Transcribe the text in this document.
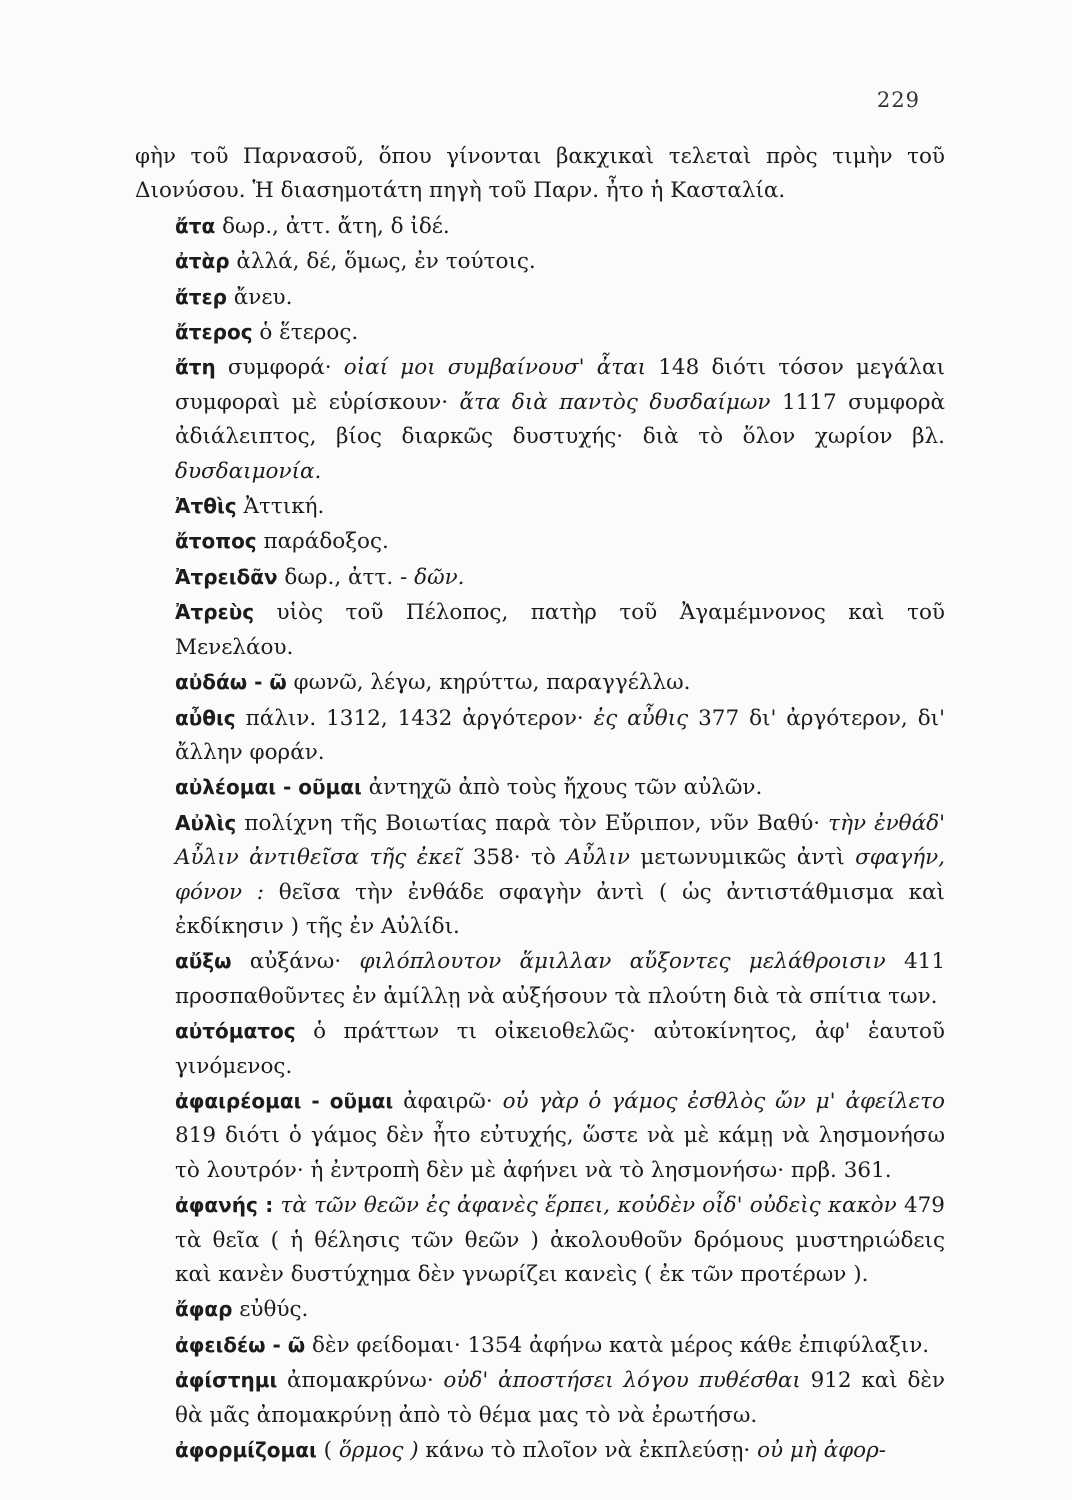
229

φὴν τοῦ Παρνασοῦ, ὅπου γίνονται βακχικαὶ τελεταὶ πρὸς τιμὴν τοῦ Διονύσου. Ἡ διασημοτάτη πηγὴ τοῦ Παρν. ἦτο ἡ Κασταλία.

ἄτα δωρ., ἀττ. ἄτη, δ ἰδέ.

ἀτὰρ ἀλλά, δέ, ὅμως, ἐν τούτοις.

ἄτερ ἄνευ.

ἄτερος ὁ ἕτερος.

ἄτη συμφορά· οἰαί μοι συμβαίνουσ' ἆται 148 διότι τόσον μεγάλαι συμφοραὶ μὲ εὑρίσκουν· ἄτα διὰ παντὸς δυσδαίμων 1117 συμφορὰ ἀδιάλειπτος, βίος διαρκῶς δυστυχής· διὰ τὸ ὅλον χωρίον βλ. δυσδαιμονία.

Ἀτθὶς Ἀττική.

ἄτοπος παράδοξος.

Ἀτρειδᾶν δωρ., ἀττ. - δῶν.

Ἀτρεὺς υἱὸς τοῦ Πέλοπος, πατὴρ τοῦ Ἀγαμέμνονος καὶ τοῦ Μενελάου.

αὐδάω - ῶ φωνῶ, λέγω, κηρύττω, παραγγέλλω.

αὖθις πάλιν. 1312, 1432 ἀργότερον· ἐς αὖθις 377 δι' ἀργότερον, δι' ἄλλην φοράν.

αὐλέομαι - οῦμαι ἀντηχῶ ἀπὸ τοὺς ἤχους τῶν αὐλῶν.

Αὐλὶς πολίχνη τῆς Βοιωτίας παρὰ τὸν Εὔριπον, νῦν Βαθύ· τὴν ἐνθάδ' Αὖλιν ἀντιθεῖσα τῆς ἐκεῖ 358· τὸ Αὖλιν μετωνυμικῶς ἀντὶ σφαγήν, φόνον : θεῖσα τὴν ἐνθάδε σφαγὴν ἀντὶ ( ὡς ἀντιστάθμισμα καὶ ἐκδίκησιν ) τῆς ἐν Αὐλίδι.

αὔξω αὐξάνω· φιλόπλουτον ἅμιλλαν αὔξοντες μελάθροισιν 411 προσπαθοῦντες ἐν ἁμίλλῃ νὰ αὐξήσουν τὰ πλούτη διὰ τὰ σπίτια των.

αὐτόματος ὁ πράττων τι οἰκειοθελῶς· αὐτοκίνητος, ἀφ' ἑαυτοῦ γινόμενος.

ἀφαιρέομαι - οῦμαι ἀφαιρῶ· οὐ γὰρ ὁ γάμος ἐσθλὸς ὤν μ' ἀφείλετο 819 διότι ὁ γάμος δὲν ἦτο εὐτυχής, ὥστε νὰ μὲ κάμῃ νὰ λησμονήσω τὸ λουτρόν· ἡ ἐντροπὴ δὲν μὲ ἀφήνει νὰ τὸ λησμονήσω· πρβ. 361.

ἀφανής : τὰ τῶν θεῶν ἐς ἀφανὲς ἕρπει, κοὐδὲν οἶδ' οὐδεὶς κακὸν 479 τὰ θεῖα ( ἡ θέλησις τῶν θεῶν ) ἀκολουθοῦν δρόμους μυστηριώδεις καὶ κανὲν δυστύχημα δὲν γνωρίζει κανεὶς ( ἐκ τῶν προτέρων ).

ἄφαρ εὐθύς.

ἀφειδέω - ῶ δὲν φείδομαι· 1354 ἀφήνω κατὰ μέρος κάθε ἐπιφύλαξιν.

ἀφίστημι ἀπομακρύνω· οὐδ' ἀποστήσει λόγου πυθέσθαι 912 καὶ δὲν θὰ μᾶς ἀπομακρύνῃ ἀπὸ τὸ θέμα μας τὸ νὰ ἐρωτήσω.

ἀφορμίζομαι ( ὅρμος ) κάνω τὸ πλοῖον νὰ ἐκπλεύσῃ· οὐ μὴ ἀφορ-
